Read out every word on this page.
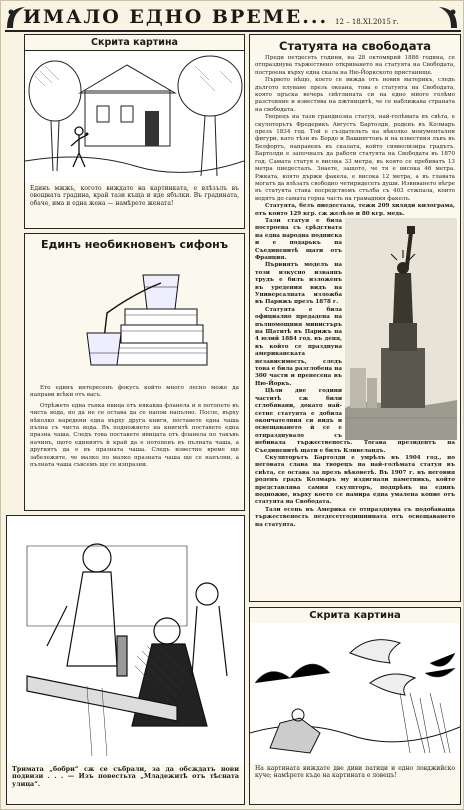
ИМАЛО ЕДНО ВРЕМЕ... 12 – 18.XI.2015 г.
Скрита картина
Единъ мжжъ, когото виждате на картинката, е влѣзълъ въ овощната градина, край тази къща и яде ябълки. Въ градината, обаче, има и една жена — намѣрете женатa!
Единъ необикновенъ сифонъ
Ето единъ интересенъ фокусъ който много лесно може да направи всѣки отъ васъ.
Отрѣжете една тънка ивица отъ някаква фланела и я потопете въ чиста вода, но да не се остава да се напои напълно. После, върху нѣколко наредени една върху друга книги, поставете една чаша пълна съ чиста вода. Въ подножието на книгитѣ поставете една празна чаша. Следъ това поставете ивицата отъ фланела по такъвъ начинъ, щото единиятъ ѝ край да е потопенъ въ пълната чаша, а другиятъ да е въ празната чаша. Следъ известно време ще забележите, че малко по малко празната чаша ще се напълни, а пълната чаша съвсемъ ще се изпразни.
Тримата „бобри“ сж се събрали, за да обсждатъ нови подвизи . . . — Изъ повестьта „Младежитѣ отъ тѣсната улица“.
Статуята на свободата
Преди петдесеть години, на 28 октомврий 1886 година, се отпразднува тържествено откриването на статуята на Свободата, построена върху една скала на Ню-Йоркското пристанище.
Първото нѣщо, което се вижда отъ новия материкъ, следъ дългото плуване презъ океана, това е статуята на Свободата, която пръска вечерь свѣтлината си на едно много голѣмо разстояние и известява на пжтницитѣ, че се наближава страната на свободата.
Творецъ на тази грандиозна статуя, най-голѣмата въ свѣта, е скулпторътъ Фредерикъ Августъ Бартолди, роденъ въ Колмаръ презъ 1834 год. Той е създательтъ на нѣколко монументални фигури, като тѣзи въ Бордо и Вашингтонъ и на известния лъвъ въ Белфортъ, направенъ въ скалата, който символизира градътъ. Бартолди е започналъ да работи статуята на Свободата въ 1870 год. Самата статуя е висока 33 метра, въ която се пребиватъ 13 метра пиедесталъ. Знаете, защото, че тя е висока 46 метра. Ржката, която държи факела, е висока 12 метра, а въ главата могатъ да влѣзатъ свободно четиридесеть души. Извиването нѣгре въ статуята става посредствомъ стълба съ 403 стжпала, които водятъ до самата горна часть на грамадния факелъ.
Статуята, безъ пиедестала, тежи 209 хиляди килограма, отъ които 129 кгр. сж желѣзо и 80 кгр. медь.
Тази статуя е била построена съ срѣдствата на една народна подписка и е подарькъ на Съединенитѣ щати отъ Франция.
Първиятъ моделъ на този изкусно изваянъ трудъ е билъ изложенъ въ уредения видъ на Универсалната изложба въ Парижъ презъ 1878 г.
Статуята е била официално предадена на пълномощния министъръ на Щатитѣ въ Парижъ на 4 юлий 1884 год. въ деня, въ който се празднува американската независимость, следъ това е била разглобена на 300 части и пренесена въ Ню-Йоркъ.
Цѣли две години частитѣ сж били сглобявани, докато най-сетне статуята е добила окончателния си видъ и освещаването ѝ се е отпразднувало съ небивала тържественость. Тогава президентъ на Съединенитѣ щати е билъ Кливеландъ.
Скулпторътъ Бартолди е умрѣлъ въ 1904 год., но неговата слава на творецъ на най-голѣмата статуя въ свѣта, се остава за презъ вѣковетѣ. Въ 1907 г. въ неговия роденъ градъ Колмаръ му издигнали паметникъ, който представлява самия скулпторъ, подпрѣнъ на единъ подножие, върху което се намира една умалена копие отъ статуята на Свободата.
Тази есень въ Америка се отпразднува съ подобаваща тържественость петдесетгодишнината отъ освещаването на статуята.
Скрита картина
На картината виждате две диви патици и едно ловджийско куче; намѣрете къде на картината е ловецъ!
